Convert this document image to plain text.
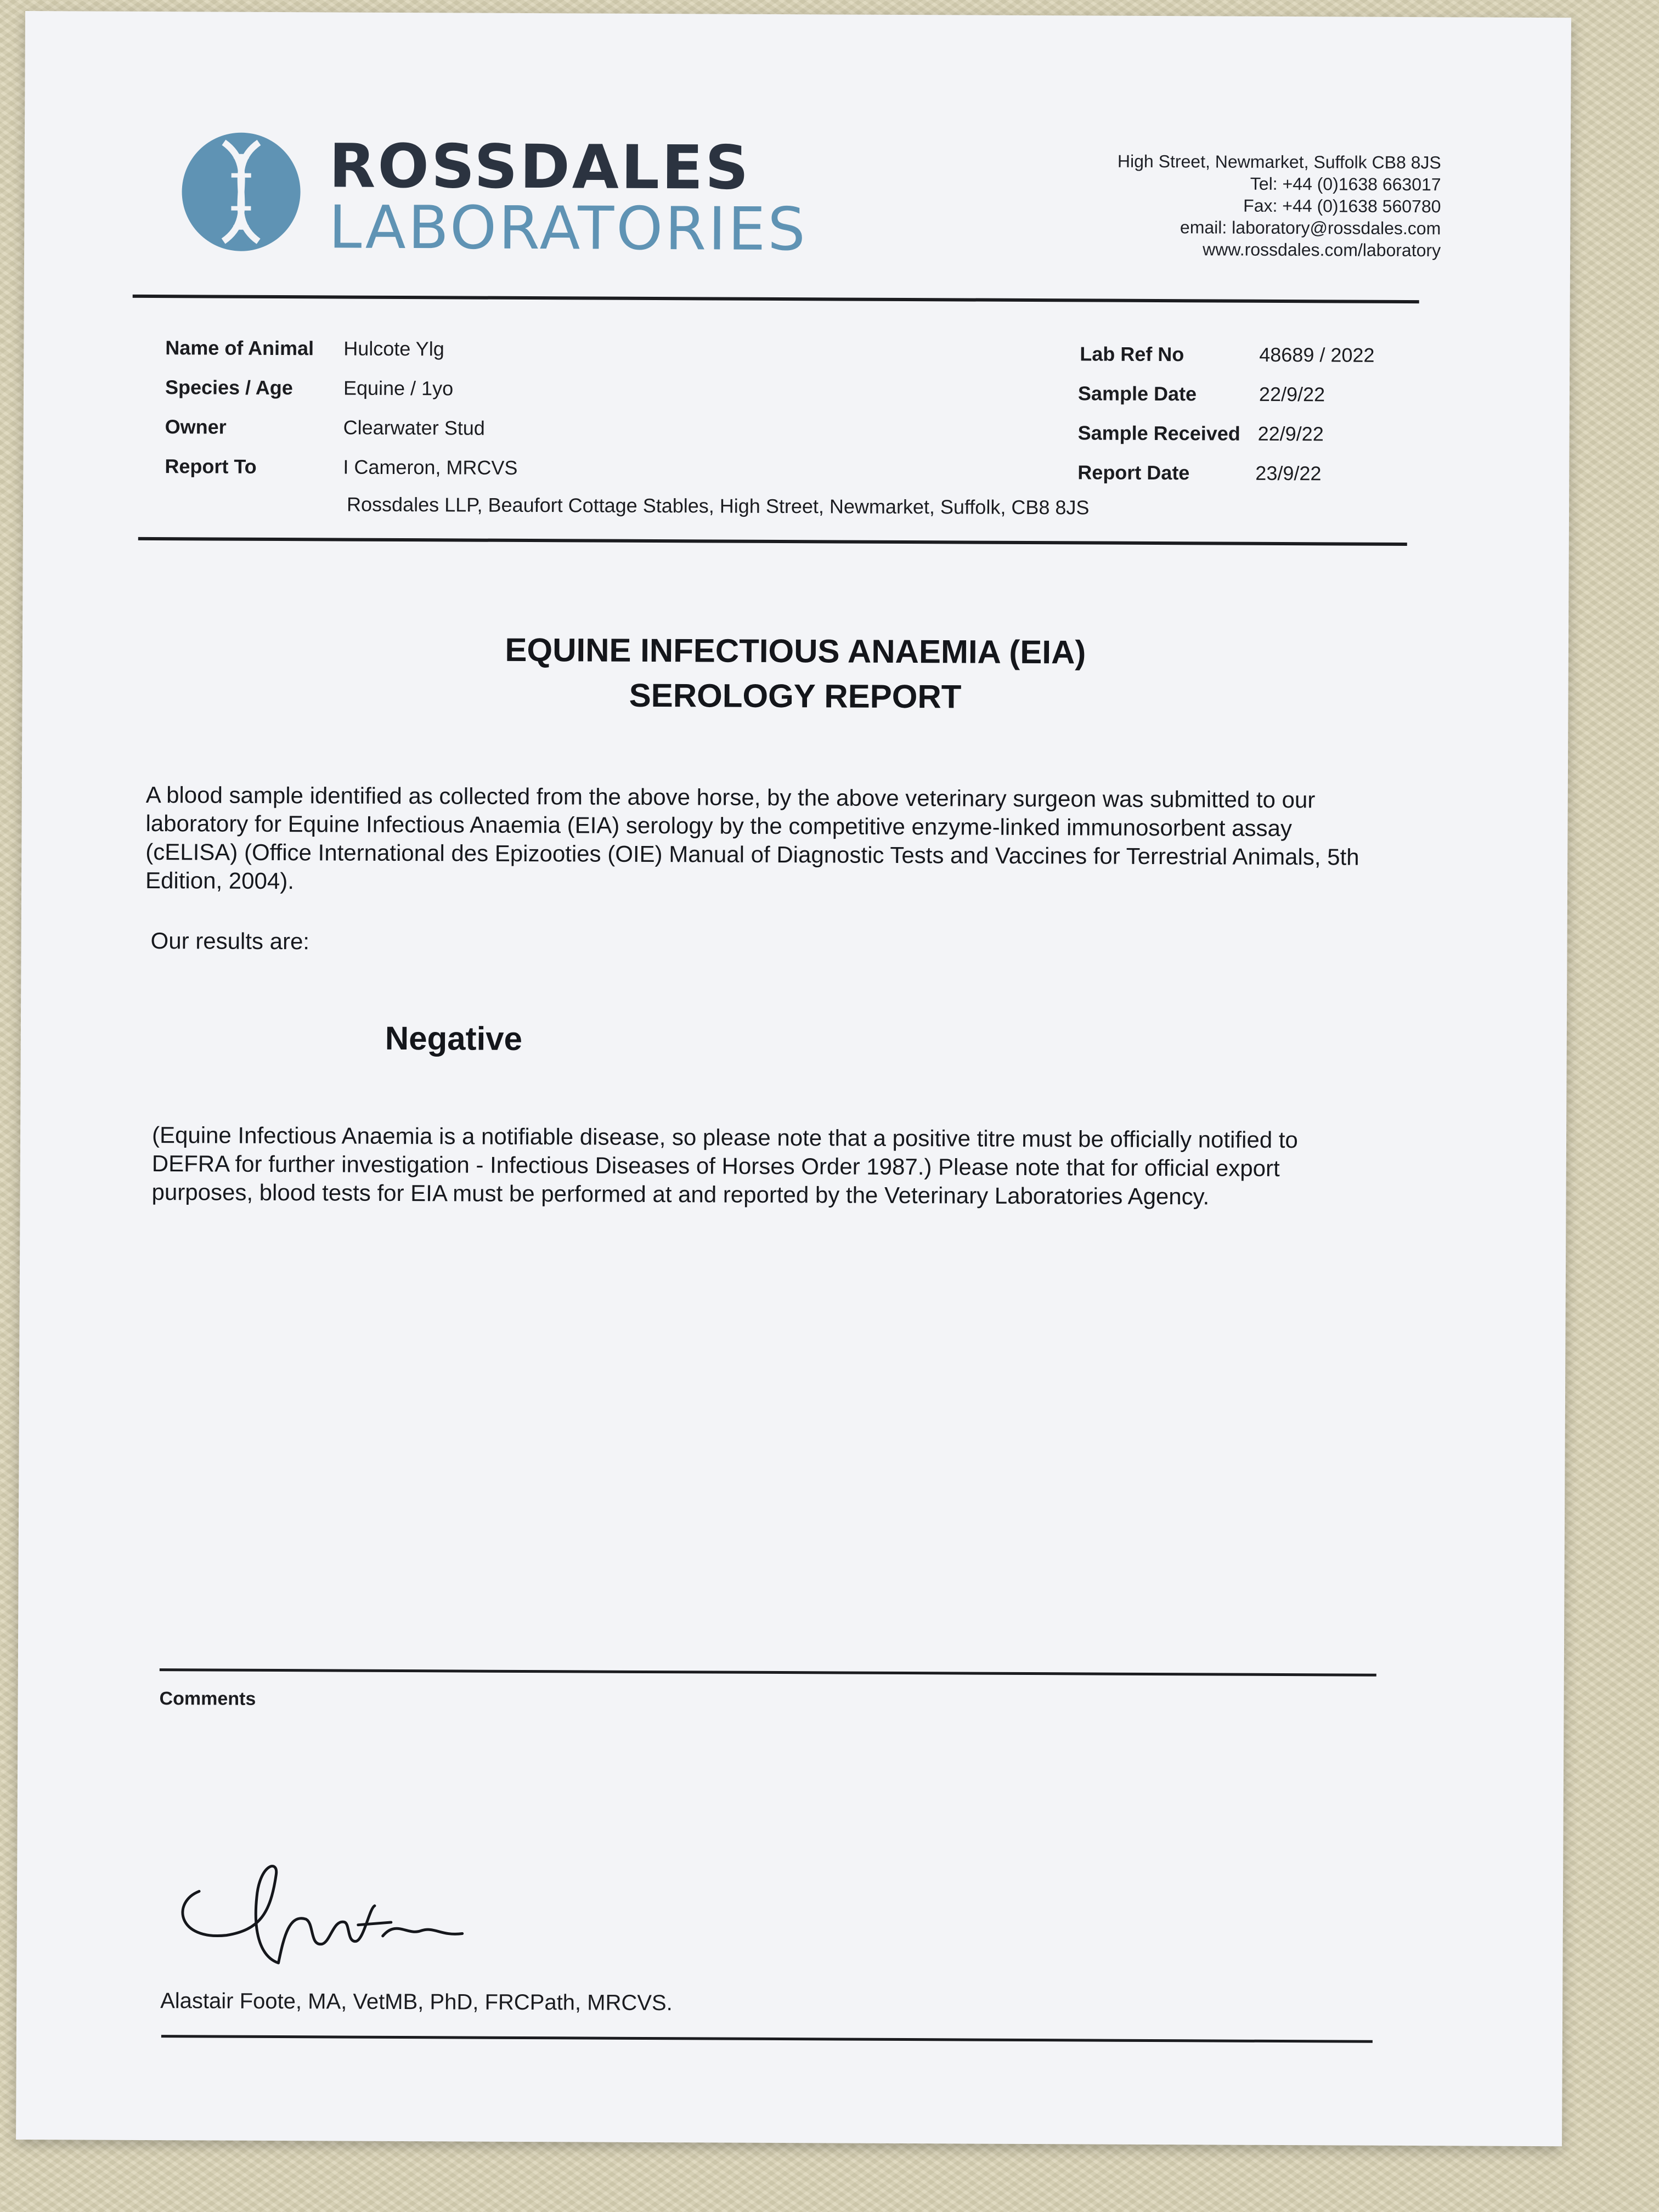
ROSSDALES
LABORATORIES
High Street, Newmarket, Suffolk CB8 8JS
Tel: +44 (0)1638 663017
Fax: +44 (0)1638 560780
email: laboratory@rossdales.com
www.rossdales.com/laboratory
Name of Animal Hulcote Ylg
Species / Age	Equine / 1yo
Owner	Clearwater Stud
Report To	I Cameron, MRCVS
Rossdales LLP, Beaufort Cottage Stables, High Street, Newmarket, Suffolk, CB8 8JS
Lab Ref No	48689 / 2022
Sample Date	22/9/22
Sample Received 22/9/22
Report Date	23/9/22
EQUINE INFECTIOUS ANAEMIA (EIA)
SEROLOGY REPORT
A blood sample identified as collected from the above horse, by the above veterinary surgeon was submitted to our
laboratory for Equine Infectious Anaemia (EIA) serology by the competitive enzyme-linked immunosorbent assay
(cELISA) (Office International des Epizooties (OIE) Manual of Diagnostic Tests and Vaccines for Terrestrial Animals, 5th
Edition, 2004).
Our results are:
Negative
(Equine Infectious Anaemia is a notifiable disease, so please note that a positive titre must be officially notified to
DEFRA for further investigation - Infectious Diseases of Horses Order 1987.) Please note that for official export
purposes, blood tests for EIA must be performed at and reported by the Veterinary Laboratories Agency.
Comments
Alastair Foote, MA, VetMB, PhD, FRCPath, MRCVS.
